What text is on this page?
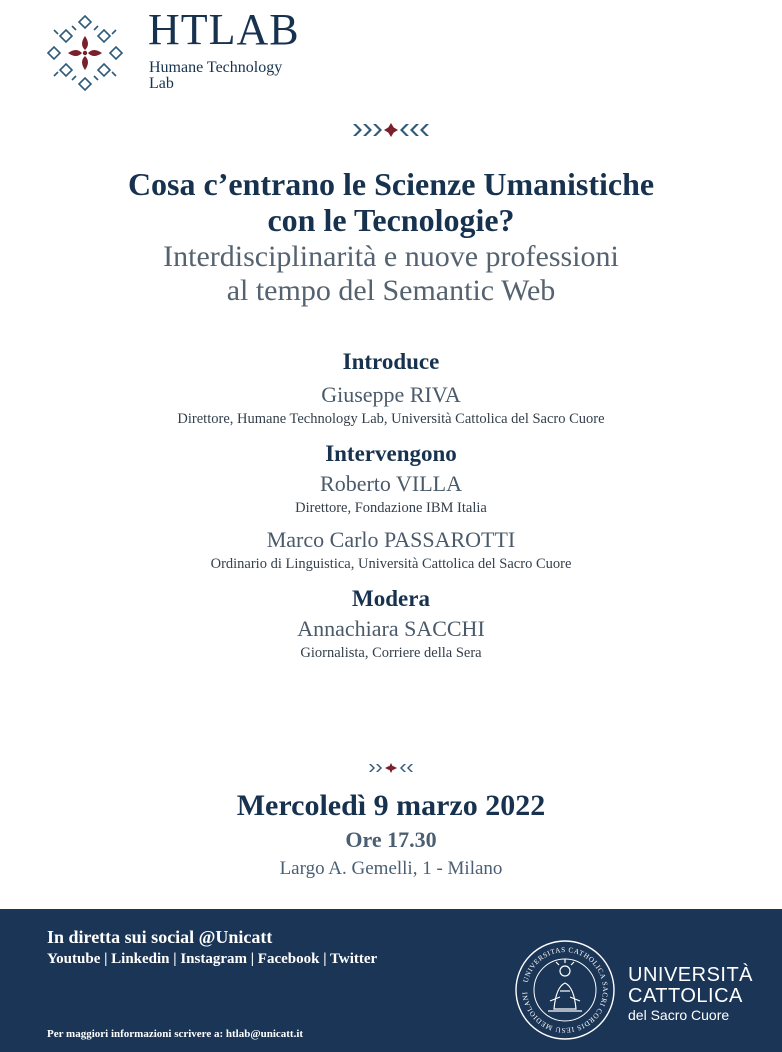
HTLAB
Humane Technology
Lab
Cosa c’entrano le Scienze Umanistiche
con le Tecnologie?
Interdisciplinarità e nuove professioni
al tempo del Semantic Web
Introduce
Giuseppe RIVA
Direttore, Humane Technology Lab, Università Cattolica del Sacro Cuore
Intervengono
Roberto VILLA
Direttore, Fondazione IBM Italia
Marco Carlo PASSAROTTI
Ordinario di Linguistica, Università Cattolica del Sacro Cuore
Modera
Annachiara SACCHI
Giornalista, Corriere della Sera
Mercoledì 9 marzo 2022
Ore 17.30
Largo A. Gemelli, 1 - Milano
In diretta sui social @Unicatt
Youtube | Linkedin | Instagram | Facebook | Twitter
Per maggiori informazioni scrivere a: htlab@unicatt.it
UNIVERSITAS CATHOLICA SACRI CORDIS IESU MEDIOLANI
UNIVERSITÀ
CATTOLICA
del Sacro Cuore
